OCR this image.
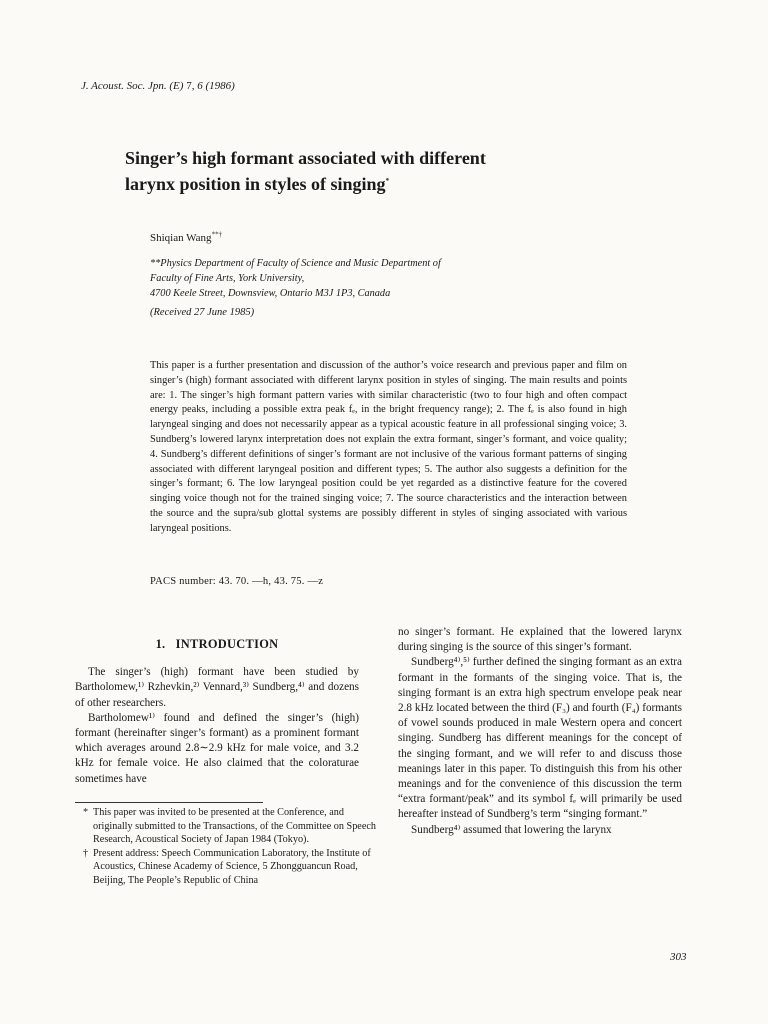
J. Acoust. Soc. Jpn. (E) 7, 6 (1986)
Singer’s high formant associated with different
larynx position in styles of singing*
Shiqian Wang**†
**Physics Department of Faculty of Science and Music Department of
Faculty of Fine Arts, York University,
4700 Keele Street, Downsview, Ontario M3J 1P3, Canada
(Received 27 June 1985)

This paper is a further presentation and discussion of the author’s voice research and previous paper and film on singer’s (high) formant associated with different larynx position in styles of singing. The main results and points are: 1. The singer’s high formant pattern varies with similar characteristic (two to four high and often compact energy peaks, including a possible extra peak fₑ, in the bright frequency range); 2. The fₑ is also found in high laryngeal singing and does not necessarily appear as a typical acoustic feature in all professional singing voice; 3. Sundberg’s lowered larynx interpretation does not explain the extra formant, singer’s formant, and voice quality; 4. Sundberg’s different definitions of singer’s formant are not inclusive of the various formant patterns of singing associated with different laryngeal position and different types; 5. The author also suggests a definition for the singer’s formant; 6. The low laryngeal position could be yet regarded as a distinctive feature for the covered singing voice though not for the trained singing voice; 7. The source characteristics and the interaction between the source and the supra/sub glottal systems are possibly different in styles of singing associated with various laryngeal positions.

PACS number: 43. 70. —h, 43. 75. —z
1. INTRODUCTION

The singer’s (high) formant have been studied by Bartholomew,¹⁾ Rzhevkin,²⁾ Vennard,³⁾ Sundberg,⁴⁾ and dozens of other researchers.

Bartholomew¹⁾ found and defined the singer’s (high) formant (hereinafter singer’s formant) as a prominent formant which averages around 2.8∼2.9 kHz for male voice, and 3.2 kHz for female voice. He also claimed that the coloraturae sometimes have

* This paper was invited to be presented at the Conference, and originally submitted to the Transactions, of the Committee on Speech Research, Acoustical Society of Japan 1984 (Tokyo).

† Present address: Speech Communication Laboratory, the Institute of Acoustics, Chinese Academy of Science, 5 Zhongguancun Road, Beijing, The People’s Republic of China

no singer’s formant. He explained that the lowered larynx during singing is the source of this singer’s formant.

Sundberg⁴⁾,⁵⁾ further defined the singing formant as an extra formant in the formants of the singing voice. That is, the singing formant is an extra high spectrum envelope peak near 2.8 kHz located between the third (F₃) and fourth (F₄) formants of vowel sounds produced in male Western opera and concert singing. Sundberg has different meanings for the concept of the singing formant, and we will refer to and discuss those meanings later in this paper. To distinguish this from his other meanings and for the convenience of this discussion the term “extra formant/peak” and its symbol fₑ will primarily be used hereafter instead of Sundberg’s term “singing formant.”

Sundberg⁴⁾ assumed that lowering the larynx

303
